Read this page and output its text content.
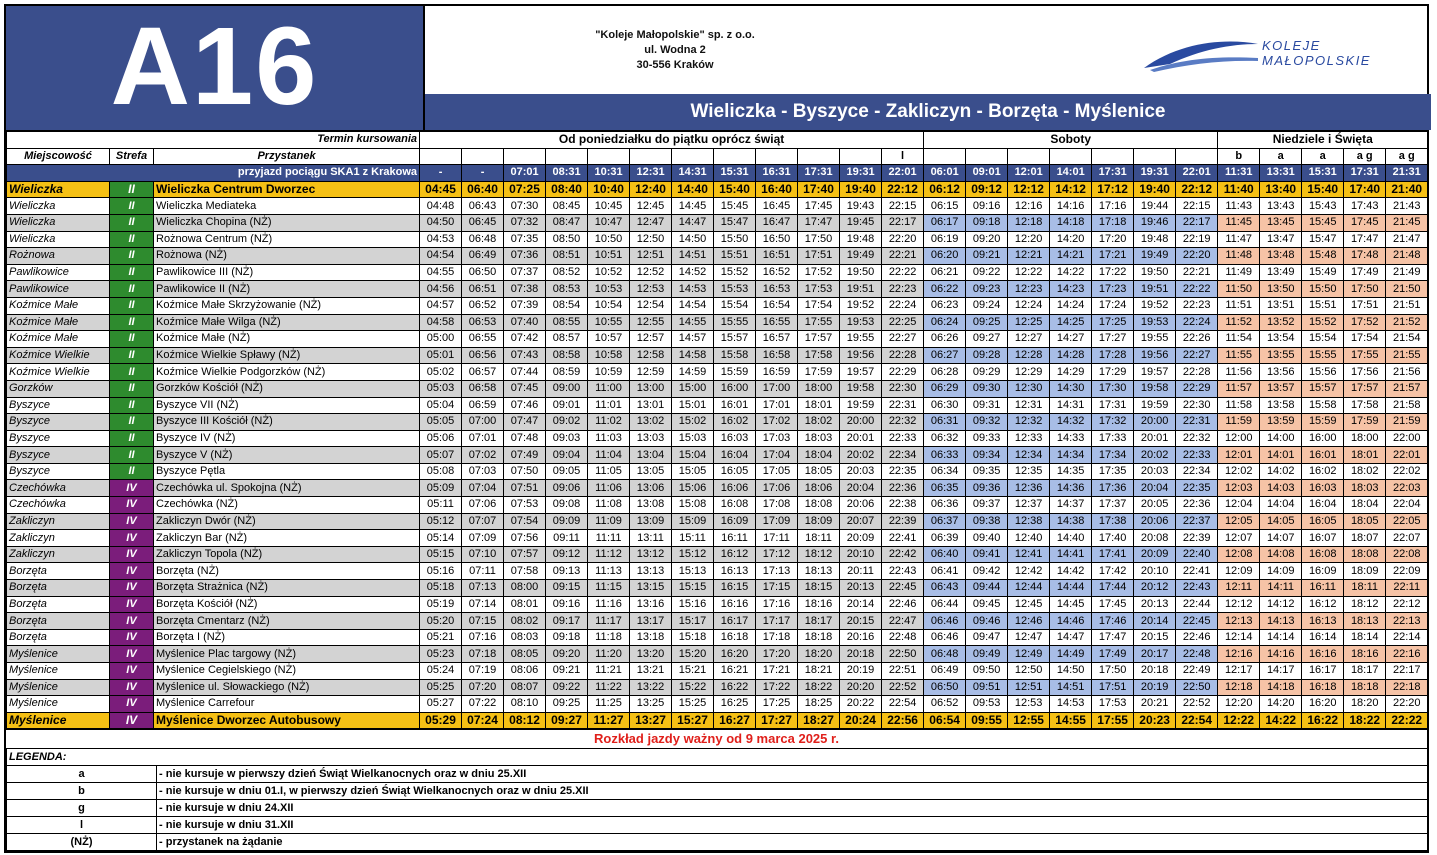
A16	"Koleje Małopolskie" sp. z o.o.
ul. Wodna 2
30-556 Kraków
KOLEJE
MAŁOPOLSKIE
Wieliczka - Byszyce - Zakliczyn - Borzęta - Myślenice
Termin kursowania			Od poniedziałku do piątku oprócz świąt												Soboty							Niedziele i Święta				
Miejscowość	Strefa	Przystanek												l								b	a	a	a g	a g
przyjazd pociągu SKA1 z Krakowa			-	-	07:01	08:31	10:31	12:31	14:31	15:31	16:31	17:31	19:31	22:01	06:01	09:01	12:01	14:01	17:31	19:31	22:01	11:31	13:31	15:31	17:31	21:31
Wieliczka	II	Wieliczka Centrum Dworzec	04:45	06:40	07:25	08:40	10:40	12:40	14:40	15:40	16:40	17:40	19:40	22:12	06:12	09:12	12:12	14:12	17:12	19:40	22:12	11:40	13:40	15:40	17:40	21:40
Wieliczka	II	Wieliczka Mediateka	04:48	06:43	07:30	08:45	10:45	12:45	14:45	15:45	16:45	17:45	19:43	22:15	06:15	09:16	12:16	14:16	17:16	19:44	22:15	11:43	13:43	15:43	17:43	21:43
Wieliczka	II	Wieliczka Chopina (NŻ)	04:50	06:45	07:32	08:47	10:47	12:47	14:47	15:47	16:47	17:47	19:45	22:17	06:17	09:18	12:18	14:18	17:18	19:46	22:17	11:45	13:45	15:45	17:45	21:45
Wieliczka	II	Rożnowa Centrum (NŻ)	04:53	06:48	07:35	08:50	10:50	12:50	14:50	15:50	16:50	17:50	19:48	22:20	06:19	09:20	12:20	14:20	17:20	19:48	22:19	11:47	13:47	15:47	17:47	21:47
Rożnowa	II	Rożnowa (NŻ)	04:54	06:49	07:36	08:51	10:51	12:51	14:51	15:51	16:51	17:51	19:49	22:21	06:20	09:21	12:21	14:21	17:21	19:49	22:20	11:48	13:48	15:48	17:48	21:48
Pawlikowice	II	Pawlikowice III (NŻ)	04:55	06:50	07:37	08:52	10:52	12:52	14:52	15:52	16:52	17:52	19:50	22:22	06:21	09:22	12:22	14:22	17:22	19:50	22:21	11:49	13:49	15:49	17:49	21:49
Pawlikowice	II	Pawlikowice II (NŻ)	04:56	06:51	07:38	08:53	10:53	12:53	14:53	15:53	16:53	17:53	19:51	22:23	06:22	09:23	12:23	14:23	17:23	19:51	22:22	11:50	13:50	15:50	17:50	21:50
Koźmice Małe	II	Koźmice Małe Skrzyżowanie (NŻ)	04:57	06:52	07:39	08:54	10:54	12:54	14:54	15:54	16:54	17:54	19:52	22:24	06:23	09:24	12:24	14:24	17:24	19:52	22:23	11:51	13:51	15:51	17:51	21:51
Koźmice Małe	II	Koźmice Małe Wilga (NŻ)	04:58	06:53	07:40	08:55	10:55	12:55	14:55	15:55	16:55	17:55	19:53	22:25	06:24	09:25	12:25	14:25	17:25	19:53	22:24	11:52	13:52	15:52	17:52	21:52
Koźmice Małe	II	Koźmice Małe (NŻ)	05:00	06:55	07:42	08:57	10:57	12:57	14:57	15:57	16:57	17:57	19:55	22:27	06:26	09:27	12:27	14:27	17:27	19:55	22:26	11:54	13:54	15:54	17:54	21:54
Koźmice Wielkie	II	Koźmice Wielkie Spławy (NŻ)	05:01	06:56	07:43	08:58	10:58	12:58	14:58	15:58	16:58	17:58	19:56	22:28	06:27	09:28	12:28	14:28	17:28	19:56	22:27	11:55	13:55	15:55	17:55	21:55
Koźmice Wielkie	II	Koźmice Wielkie Podgorzków (NŻ)	05:02	06:57	07:44	08:59	10:59	12:59	14:59	15:59	16:59	17:59	19:57	22:29	06:28	09:29	12:29	14:29	17:29	19:57	22:28	11:56	13:56	15:56	17:56	21:56
Gorzków	II	Gorzków Kościół (NŻ)	05:03	06:58	07:45	09:00	11:00	13:00	15:00	16:00	17:00	18:00	19:58	22:30	06:29	09:30	12:30	14:30	17:30	19:58	22:29	11:57	13:57	15:57	17:57	21:57
Byszyce	II	Byszyce VII (NŻ)	05:04	06:59	07:46	09:01	11:01	13:01	15:01	16:01	17:01	18:01	19:59	22:31	06:30	09:31	12:31	14:31	17:31	19:59	22:30	11:58	13:58	15:58	17:58	21:58
Byszyce	II	Byszyce III Kościół (NŻ)	05:05	07:00	07:47	09:02	11:02	13:02	15:02	16:02	17:02	18:02	20:00	22:32	06:31	09:32	12:32	14:32	17:32	20:00	22:31	11:59	13:59	15:59	17:59	21:59
Byszyce	II	Byszyce IV (NŻ)	05:06	07:01	07:48	09:03	11:03	13:03	15:03	16:03	17:03	18:03	20:01	22:33	06:32	09:33	12:33	14:33	17:33	20:01	22:32	12:00	14:00	16:00	18:00	22:00
Byszyce	II	Byszyce V (NŻ)	05:07	07:02	07:49	09:04	11:04	13:04	15:04	16:04	17:04	18:04	20:02	22:34	06:33	09:34	12:34	14:34	17:34	20:02	22:33	12:01	14:01	16:01	18:01	22:01
Byszyce	II	Byszyce Pętla	05:08	07:03	07:50	09:05	11:05	13:05	15:05	16:05	17:05	18:05	20:03	22:35	06:34	09:35	12:35	14:35	17:35	20:03	22:34	12:02	14:02	16:02	18:02	22:02
Czechówka	IV	Czechówka ul. Spokojna (NŻ)	05:09	07:04	07:51	09:06	11:06	13:06	15:06	16:06	17:06	18:06	20:04	22:36	06:35	09:36	12:36	14:36	17:36	20:04	22:35	12:03	14:03	16:03	18:03	22:03
Czechówka	IV	Czechówka (NŻ)	05:11	07:06	07:53	09:08	11:08	13:08	15:08	16:08	17:08	18:08	20:06	22:38	06:36	09:37	12:37	14:37	17:37	20:05	22:36	12:04	14:04	16:04	18:04	22:04
Zakliczyn	IV	Zakliczyn Dwór (NŻ)	05:12	07:07	07:54	09:09	11:09	13:09	15:09	16:09	17:09	18:09	20:07	22:39	06:37	09:38	12:38	14:38	17:38	20:06	22:37	12:05	14:05	16:05	18:05	22:05
Zakliczyn	IV	Zakliczyn Bar (NŻ)	05:14	07:09	07:56	09:11	11:11	13:11	15:11	16:11	17:11	18:11	20:09	22:41	06:39	09:40	12:40	14:40	17:40	20:08	22:39	12:07	14:07	16:07	18:07	22:07
Zakliczyn	IV	Zakliczyn Topola (NŻ)	05:15	07:10	07:57	09:12	11:12	13:12	15:12	16:12	17:12	18:12	20:10	22:42	06:40	09:41	12:41	14:41	17:41	20:09	22:40	12:08	14:08	16:08	18:08	22:08
Borzęta	IV	Borzęta (NŻ)	05:16	07:11	07:58	09:13	11:13	13:13	15:13	16:13	17:13	18:13	20:11	22:43	06:41	09:42	12:42	14:42	17:42	20:10	22:41	12:09	14:09	16:09	18:09	22:09
Borzęta	IV	Borzęta Strażnica (NŻ)	05:18	07:13	08:00	09:15	11:15	13:15	15:15	16:15	17:15	18:15	20:13	22:45	06:43	09:44	12:44	14:44	17:44	20:12	22:43	12:11	14:11	16:11	18:11	22:11
Borzęta	IV	Borzęta Kościół (NŻ)	05:19	07:14	08:01	09:16	11:16	13:16	15:16	16:16	17:16	18:16	20:14	22:46	06:44	09:45	12:45	14:45	17:45	20:13	22:44	12:12	14:12	16:12	18:12	22:12
Borzęta	IV	Borzęta Cmentarz (NŻ)	05:20	07:15	08:02	09:17	11:17	13:17	15:17	16:17	17:17	18:17	20:15	22:47	06:46	09:46	12:46	14:46	17:46	20:14	22:45	12:13	14:13	16:13	18:13	22:13
Borzęta	IV	Borzęta I (NŻ)	05:21	07:16	08:03	09:18	11:18	13:18	15:18	16:18	17:18	18:18	20:16	22:48	06:46	09:47	12:47	14:47	17:47	20:15	22:46	12:14	14:14	16:14	18:14	22:14
Myślenice	IV	Myślenice Plac targowy (NŻ)	05:23	07:18	08:05	09:20	11:20	13:20	15:20	16:20	17:20	18:20	20:18	22:50	06:48	09:49	12:49	14:49	17:49	20:17	22:48	12:16	14:16	16:16	18:16	22:16
Myślenice	IV	Myślenice Cegielskiego (NŻ)	05:24	07:19	08:06	09:21	11:21	13:21	15:21	16:21	17:21	18:21	20:19	22:51	06:49	09:50	12:50	14:50	17:50	20:18	22:49	12:17	14:17	16:17	18:17	22:17
Myślenice	IV	Myślenice ul. Słowackiego (NŻ)	05:25	07:20	08:07	09:22	11:22	13:22	15:22	16:22	17:22	18:22	20:20	22:52	06:50	09:51	12:51	14:51	17:51	20:19	22:50	12:18	14:18	16:18	18:18	22:18
Myślenice	IV	Myślenice Carrefour	05:27	07:22	08:10	09:25	11:25	13:25	15:25	16:25	17:25	18:25	20:22	22:54	06:52	09:53	12:53	14:53	17:53	20:21	22:52	12:20	14:20	16:20	18:20	22:20
Myślenice	IV	Myślenice Dworzec Autobusowy	05:29	07:24	08:12	09:27	11:27	13:27	15:27	16:27	17:27	18:27	20:24	22:56	06:54	09:55	12:55	14:55	17:55	20:23	22:54	12:22	14:22	16:22	18:22	22:22
Rozkład jazdy ważny od 9 marca 2025 r.
LEGENDA:	
a	- nie kursuje w pierwszy dzień Świąt Wielkanocnych oraz w dniu 25.XII
b	- nie kursuje w dniu 01.I, w pierwszy dzień Świąt Wielkanocnych oraz w dniu 25.XII
g	- nie kursuje w dniu 24.XII
l	- nie kursuje w dniu 31.XII
(NŻ)	- przystanek na żądanie
